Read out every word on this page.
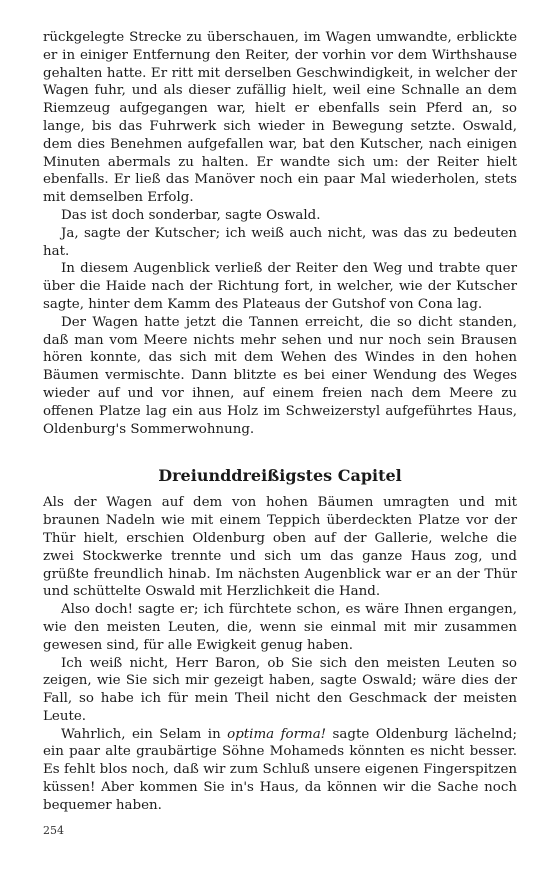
rückgelegte Strecke zu überschauen, im Wagen umwandte, erblickte er in einiger Entfernung den Reiter, der vorhin vor dem Wirthshause gehalten hatte. Er ritt mit derselben Geschwindigkeit, in welcher der Wagen fuhr, und als dieser zufällig hielt, weil eine Schnalle an dem Riemzeug aufgegangen war, hielt er ebenfalls sein Pferd an, so lange, bis das Fuhrwerk sich wieder in Bewegung setzte. Oswald, dem dies Benehmen aufgefallen war, bat den Kutscher, nach einigen Minuten abermals zu halten. Er wandte sich um: der Reiter hielt ebenfalls. Er ließ das Manöver noch ein paar Mal wiederholen, stets mit demselben Erfolg.

Das ist doch sonderbar, sagte Oswald.

Ja, sagte der Kutscher; ich weiß auch nicht, was das zu bedeuten hat.

In diesem Augenblick verließ der Reiter den Weg und trabte quer über die Haide nach der Richtung fort, in welcher, wie der Kutscher sagte, hinter dem Kamm des Plateaus der Gutshof von Cona lag.

Der Wagen hatte jetzt die Tannen erreicht, die so dicht standen, daß man vom Meere nichts mehr sehen und nur noch sein Brausen hören konnte, das sich mit dem Wehen des Windes in den hohen Bäumen vermischte. Dann blitzte es bei einer Wendung des Weges wieder auf und vor ihnen, auf einem freien nach dem Meere zu offenen Platze lag ein aus Holz im Schweizerstyl aufgeführtes Haus, Oldenburg's Sommerwohnung.

Dreiunddreißigstes Capitel

Als der Wagen auf dem von hohen Bäumen umragten und mit braunen Nadeln wie mit einem Teppich überdeckten Platze vor der Thür hielt, erschien Oldenburg oben auf der Gallerie, welche die zwei Stockwerke trennte und sich um das ganze Haus zog, und grüßte freundlich hinab. Im nächsten Augenblick war er an der Thür und schüttelte Oswald mit Herzlichkeit die Hand.

Also doch! sagte er; ich fürchtete schon, es wäre Ihnen ergangen, wie den meisten Leuten, die, wenn sie einmal mit mir zusammen gewesen sind, für alle Ewigkeit genug haben.

Ich weiß nicht, Herr Baron, ob Sie sich den meisten Leuten so zeigen, wie Sie sich mir gezeigt haben, sagte Oswald; wäre dies der Fall, so habe ich für mein Theil nicht den Geschmack der meisten Leute.

Wahrlich, ein Selam in optima forma! sagte Oldenburg lächelnd; ein paar alte graubärtige Söhne Mohameds könnten es nicht besser. Es fehlt blos noch, daß wir zum Schluß unsere eigenen Fingerspitzen küssen! Aber kommen Sie in's Haus, da können wir die Sache noch bequemer haben.

254
